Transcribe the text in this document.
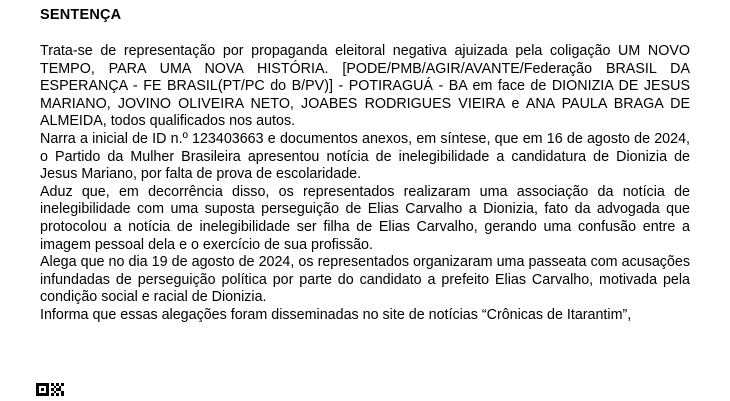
SENTENÇA

Trata-se de representação por propaganda eleitoral negativa ajuizada pela coligação UM NOVO TEMPO, PARA UMA NOVA HISTÓRIA. [PODE/PMB/AGIR/AVANTE/Federação BRASIL DA ESPERANÇA - FE BRASIL(PT/PC do B/PV)] - POTIRAGUÁ - BA em face de DIONIZIA DE JESUS MARIANO, JOVINO OLIVEIRA NETO, JOABES RODRIGUES VIEIRA e ANA PAULA BRAGA DE ALMEIDA, todos qualificados nos autos.

Narra a inicial de ID n.º 123403663 e documentos anexos, em síntese, que em 16 de agosto de 2024, o Partido da Mulher Brasileira apresentou notícia de inelegibilidade a candidatura de Dionizia de Jesus Mariano, por falta de prova de escolaridade.

Aduz que, em decorrência disso, os representados realizaram uma associação da notícia de inelegibilidade com uma suposta perseguição de Elias Carvalho a Dionizia, fato da advogada que protocolou a notícia de inelegibilidade ser filha de Elias Carvalho, gerando uma confusão entre a imagem pessoal dela e o exercício de sua profissão.

Alega que no dia 19 de agosto de 2024, os representados organizaram uma passeata com acusações infundadas de perseguição política por parte do candidato a prefeito Elias Carvalho, motivada pela condição social e racial de Dionizia.

Informa que essas alegações foram disseminadas no site de notícias “Crônicas de Itarantim”,
